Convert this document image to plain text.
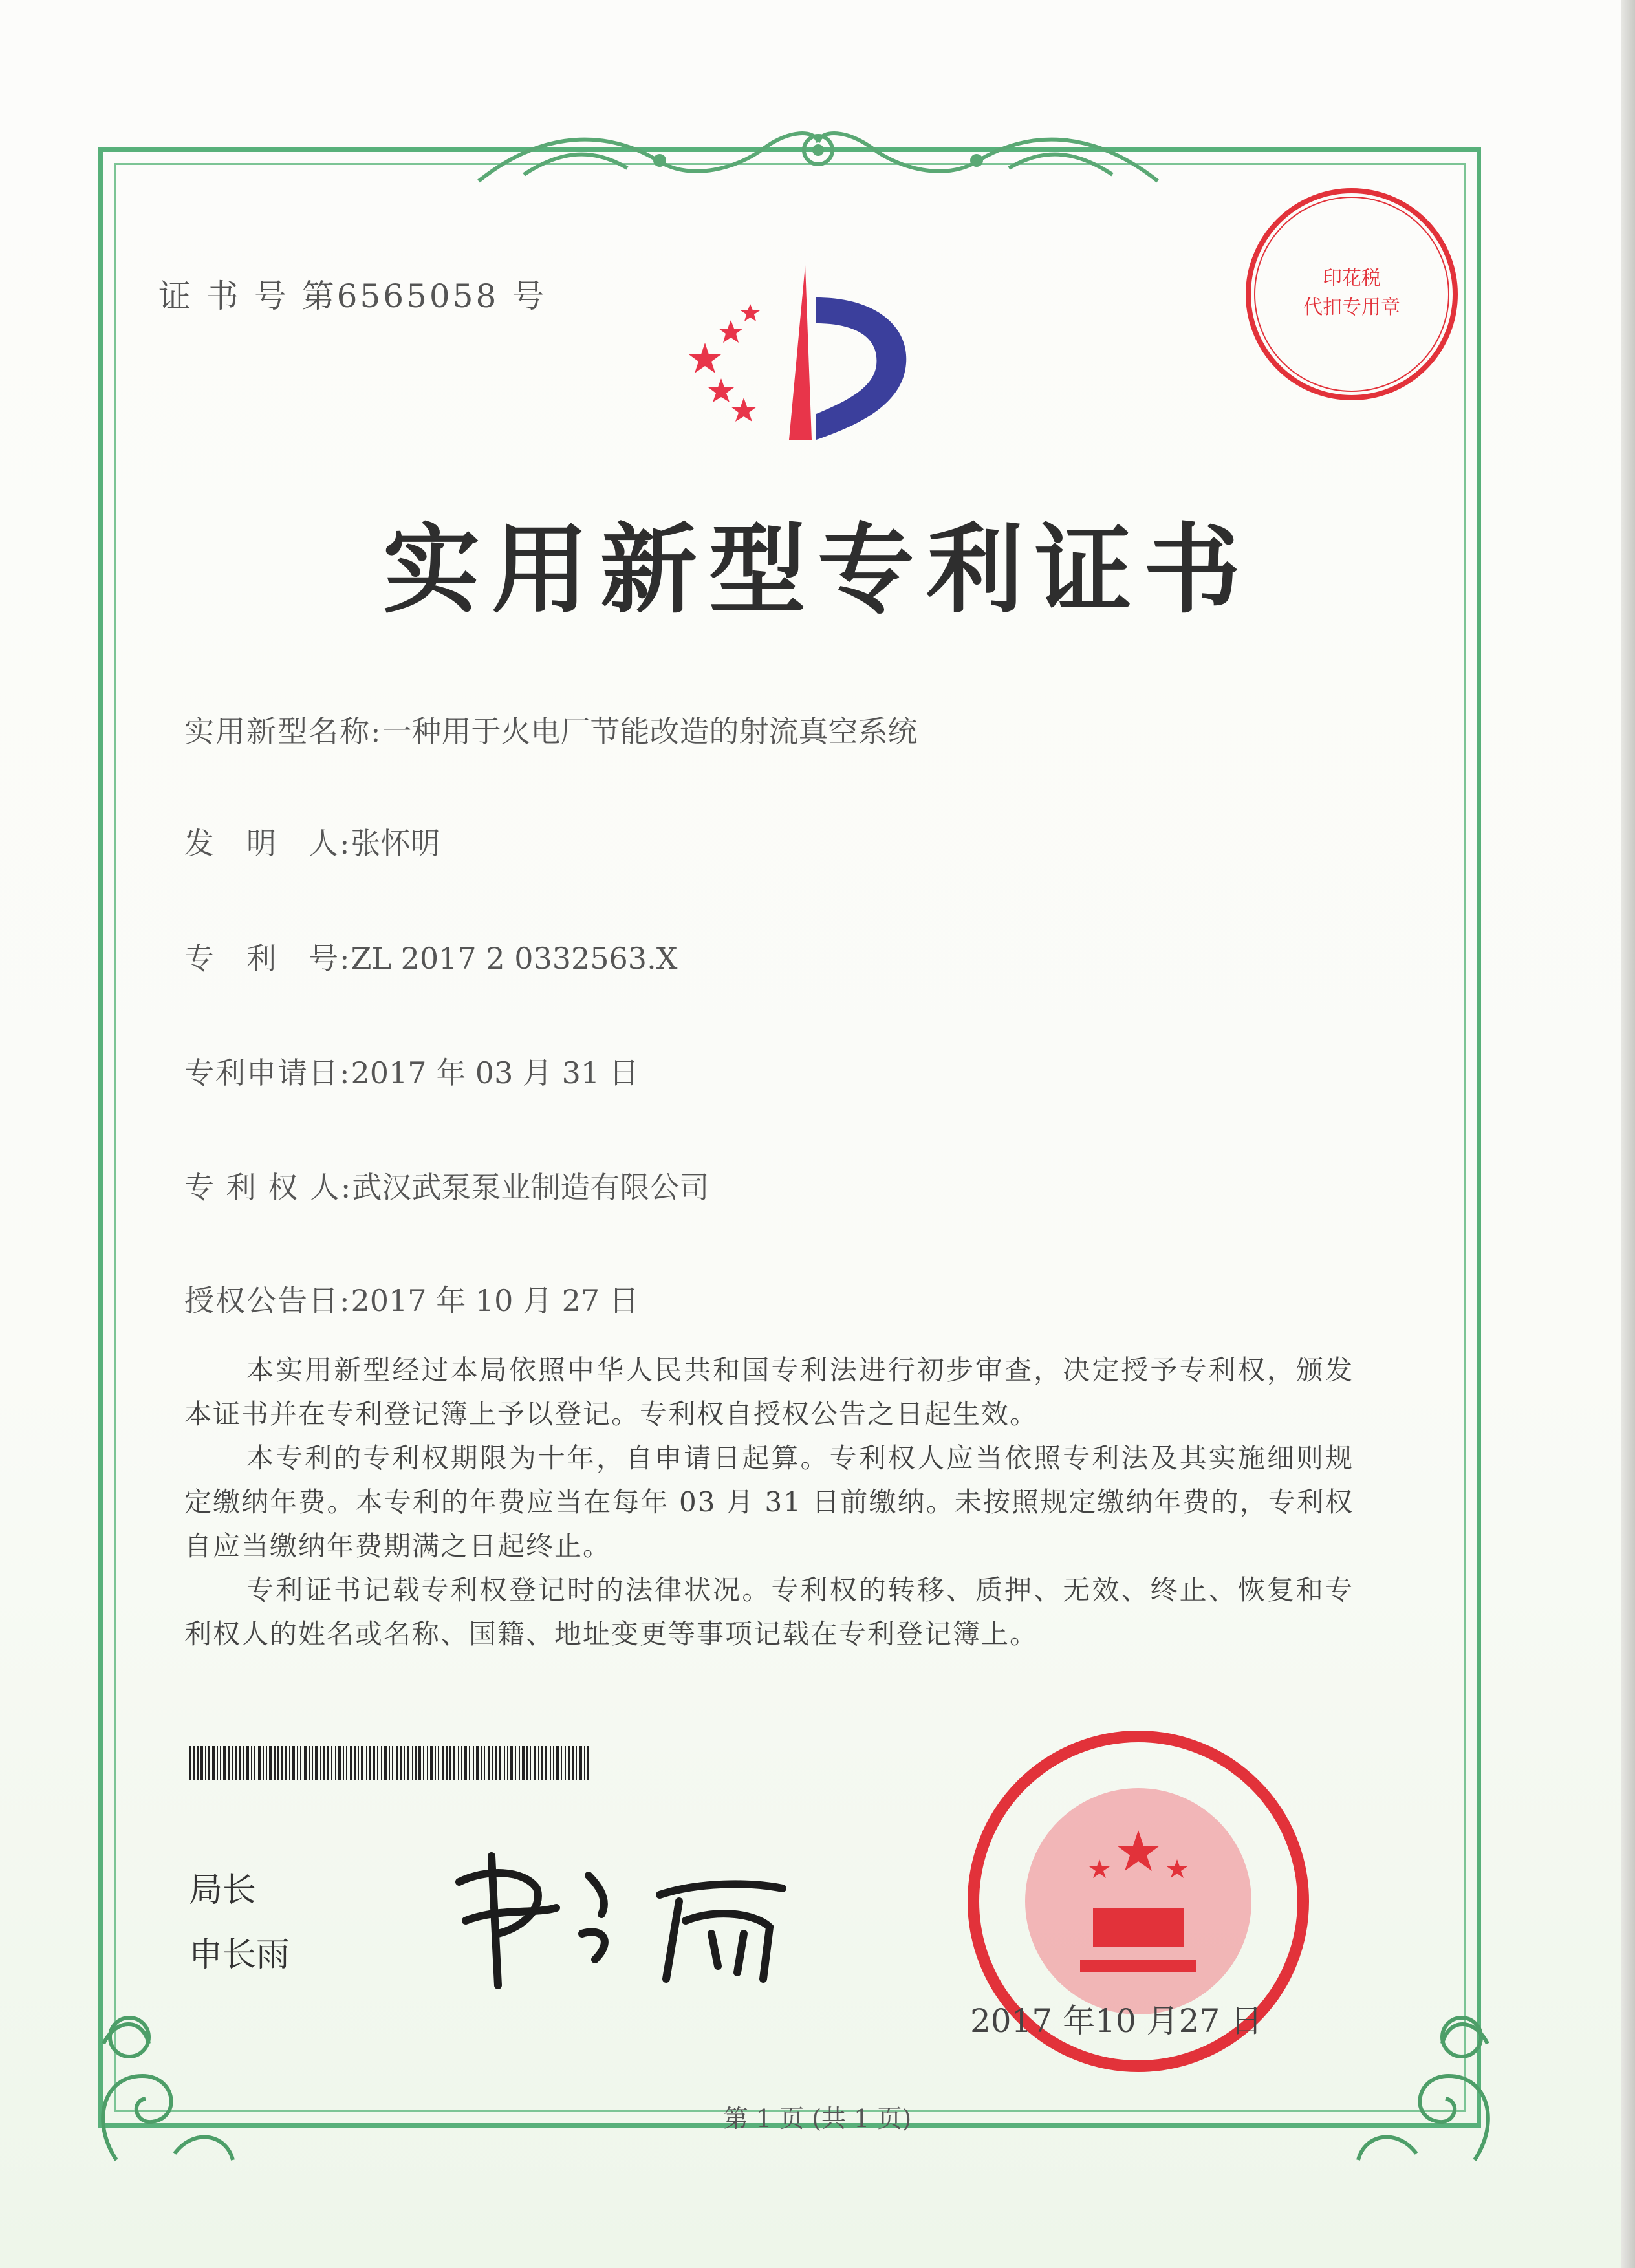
印花税
代扣专用章
证 书 号 第6565058 号
实用新型专利证书
实用新型名称:一种用于火电厂节能改造的射流真空系统
发　明　人:张怀明
专　利　号:ZL 2017 2 0332563.X
专利申请日:2017 年 03 月 31 日
专 利 权 人:武汉武泵泵业制造有限公司
授权公告日:2017 年 10 月 27 日

本实用新型经过本局依照中华人民共和国专利法进行初步审查，决定授予专利权，颁发本证书并在专利登记簿上予以登记。专利权自授权公告之日起生效。

本专利的专利权期限为十年，自申请日起算。专利权人应当依照专利法及其实施细则规定缴纳年费。本专利的年费应当在每年 03 月 31 日前缴纳。未按照规定缴纳年费的，专利权自应当缴纳年费期满之日起终止。

专利证书记载专利权登记时的法律状况。专利权的转移、质押、无效、终止、恢复和专利权人的姓名或名称、国籍、地址变更等事项记载在专利登记簿上。

局长
申长雨
2017 年10 月27 日
第 1 页 (共 1 页)
